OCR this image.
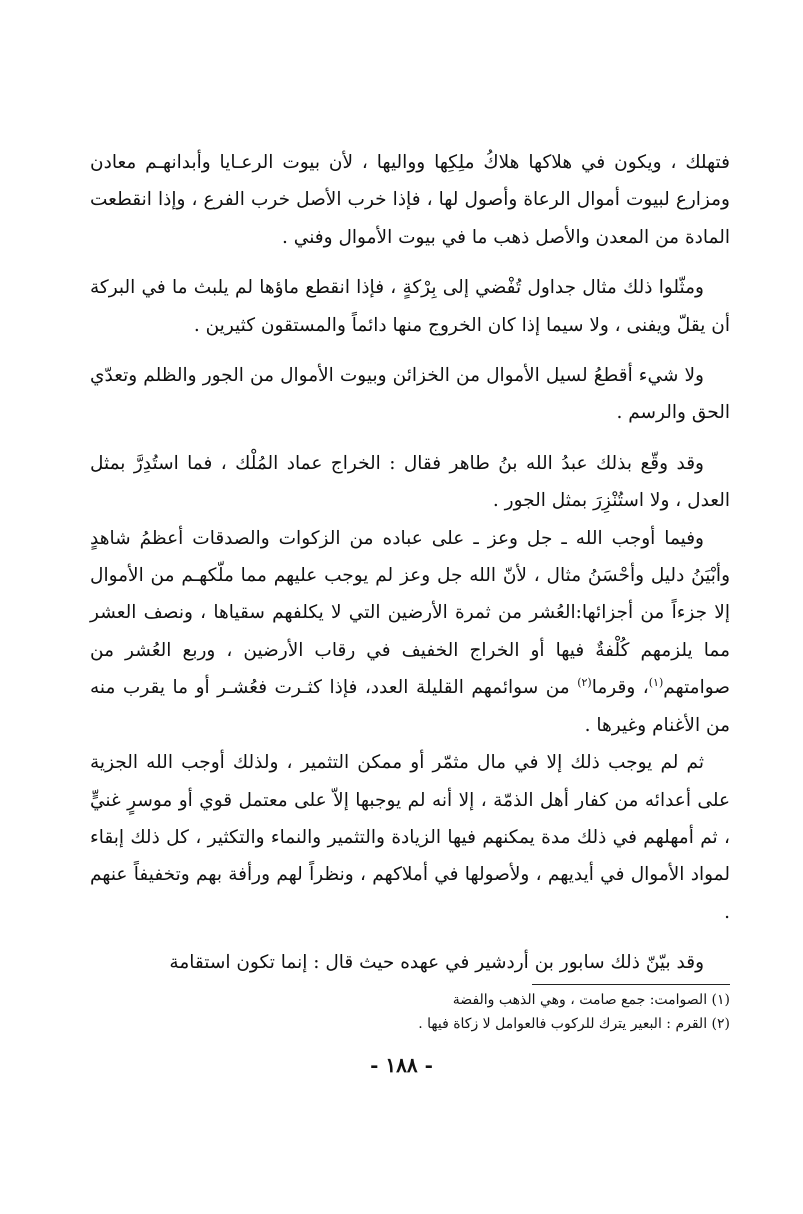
فتهلك ، ويكون في هلاكها هلاكُ ملِكِها وواليها ، لأن بيوت الرعـايا وأبدانهـم معادن ومزارع لبيوت أموال الرعاة وأصول لها ، فإذا خرب الأصل خرب الفرع ، وإذا انقطعت المادة من المعدن والأصل ذهب ما في بيوت الأموال وفني .

ومثّلوا ذلك مثال جداول تُفْضي إلى بِرْكةٍ ، فإذا انقطع ماؤها لم يلبث ما في البركة أن يقلّ ويفنى ، ولا سيما إذا كان الخروج منها دائماً والمستقون كثيرين .

ولا شيء أقطعُ لسيل الأموال من الخزائن وبيوت الأموال من الجور والظلم وتعدّي الحق والرسم .

وقد وقّع بذلك عبدُ الله بنُ طاهر فقال : الخراج عماد المُلْك ، فما استُدِرَّ بمثل العدل ، ولا استُنْزِرَ بمثل الجور .

وفيما أوجب الله ـ جل وعز ـ على عباده من الزكوات والصدقات أعظمُ شاهدٍ وأبْيَنُ دليل وأحْسَنُ مثال ، لأنّ الله جل وعز لم يوجب عليهم مما ملّكهـم من الأموال إلا جزءاً من أجزائها:العُشر من ثمرة الأرضين التي لا يكلفهم سقياها ، ونصف العشر مما يلزمهم كُلْفةٌ فيها أو الخراج الخفيف في رقاب الأرضين ، وربع العُشر من صوامتهم$^{(١)}$، وقرما$^{(٢)}$ من سوائمهم القليلة العدد، فإذا كثـرت فعُشـر أو ما يقرب منه من الأغنام وغيرها .

ثم لم يوجب ذلك إلا في مال مثمّر أو ممكن التثمير ، ولذلك أوجب الله الجزية على أعدائه من كفار أهل الذمّة ، إلا أنه لم يوجبها إلاّ على معتمل قوي أو موسرٍ غنيٍّ ، ثم أمهلهم في ذلك مدة يمكنهم فيها الزيادة والتثمير والنماء والتكثير ، كل ذلك إبقاء لمواد الأموال في أيديهم ، ولأصولها في أملاكهم ، ونظراً لهم ورأفة بهم وتخفيفاً عنهم .

وقد بيّنّ ذلك سابور بن أردشير في عهده حيث قال : إنما تكون استقامة

(١) الصوامت: جمع صامت ، وهي الذهب والفضة

(٢) القرم : البعير يترك للركوب فالعوامل لا زكاة فيها .

- ١٨٨ -
